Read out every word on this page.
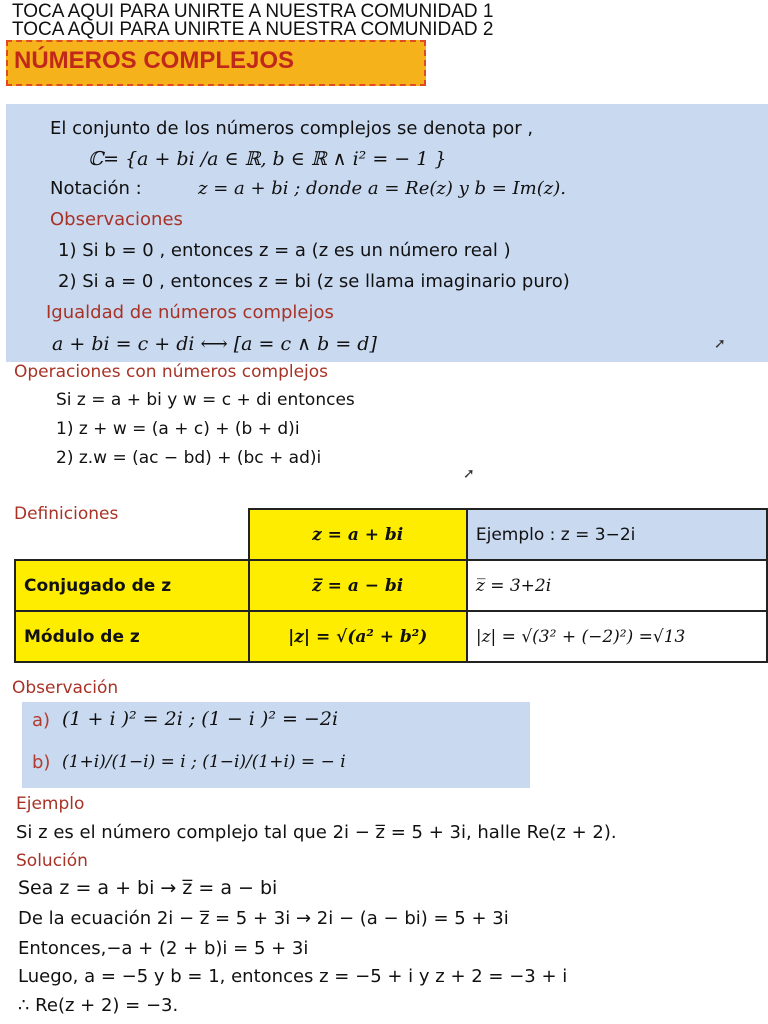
TOCA AQUI PARA UNIRTE A NUESTRA COMUNIDAD 1
TOCA AQUI PARA UNIRTE A NUESTRA COMUNIDAD 2
NÚMEROS COMPLEJOS
El conjunto de los números complejos se denota por ,
ℂ= {a + bi /a ∈ ℝ, b ∈ ℝ ∧ i² = − 1 }
Notación :	z = a + bi ; donde a = Re(z) y b = Im(z).
Observaciones
1) Si b = 0 , entonces z = a (z es un número real )
2) Si a = 0 , entonces z = bi (z se llama imaginario puro)
Igualdad de números complejos
a + bi = c + di ⟷ [a = c ∧ b = d]	➚
Operaciones con números complejos
Si z = a + bi y w = c + di entonces
1) z + w = (a + c) + (b + d)i
2) z.w = (ac − bd) + (bc + ad)i
➚
Definiciones
	z = a + bi	Ejemplo : z = 3−2i
Conjugado de z	z̅ = a − bi	z̅ = 3+2i
Módulo de z	|z| = √(a² + b²)	|z| = √(3² + (−2)²) =√13
Observación
a) (1 + i )² = 2i ; (1 − i )² = −2i
b) (1+i)/(1−i) = i ; (1−i)/(1+i) = − i
Ejemplo
Si z es el número complejo tal que 2i − z̅ = 5 + 3i, halle Re(z + 2).
Solución
Sea z = a + bi → z̅ = a − bi
De la ecuación 2i − z̅ = 5 + 3i → 2i − (a − bi) = 5 + 3i
Entonces,−a + (2 + b)i = 5 + 3i
Luego, a = −5 y b = 1, entonces z = −5 + i y z + 2 = −3 + i
∴ Re(z + 2) = −3.
